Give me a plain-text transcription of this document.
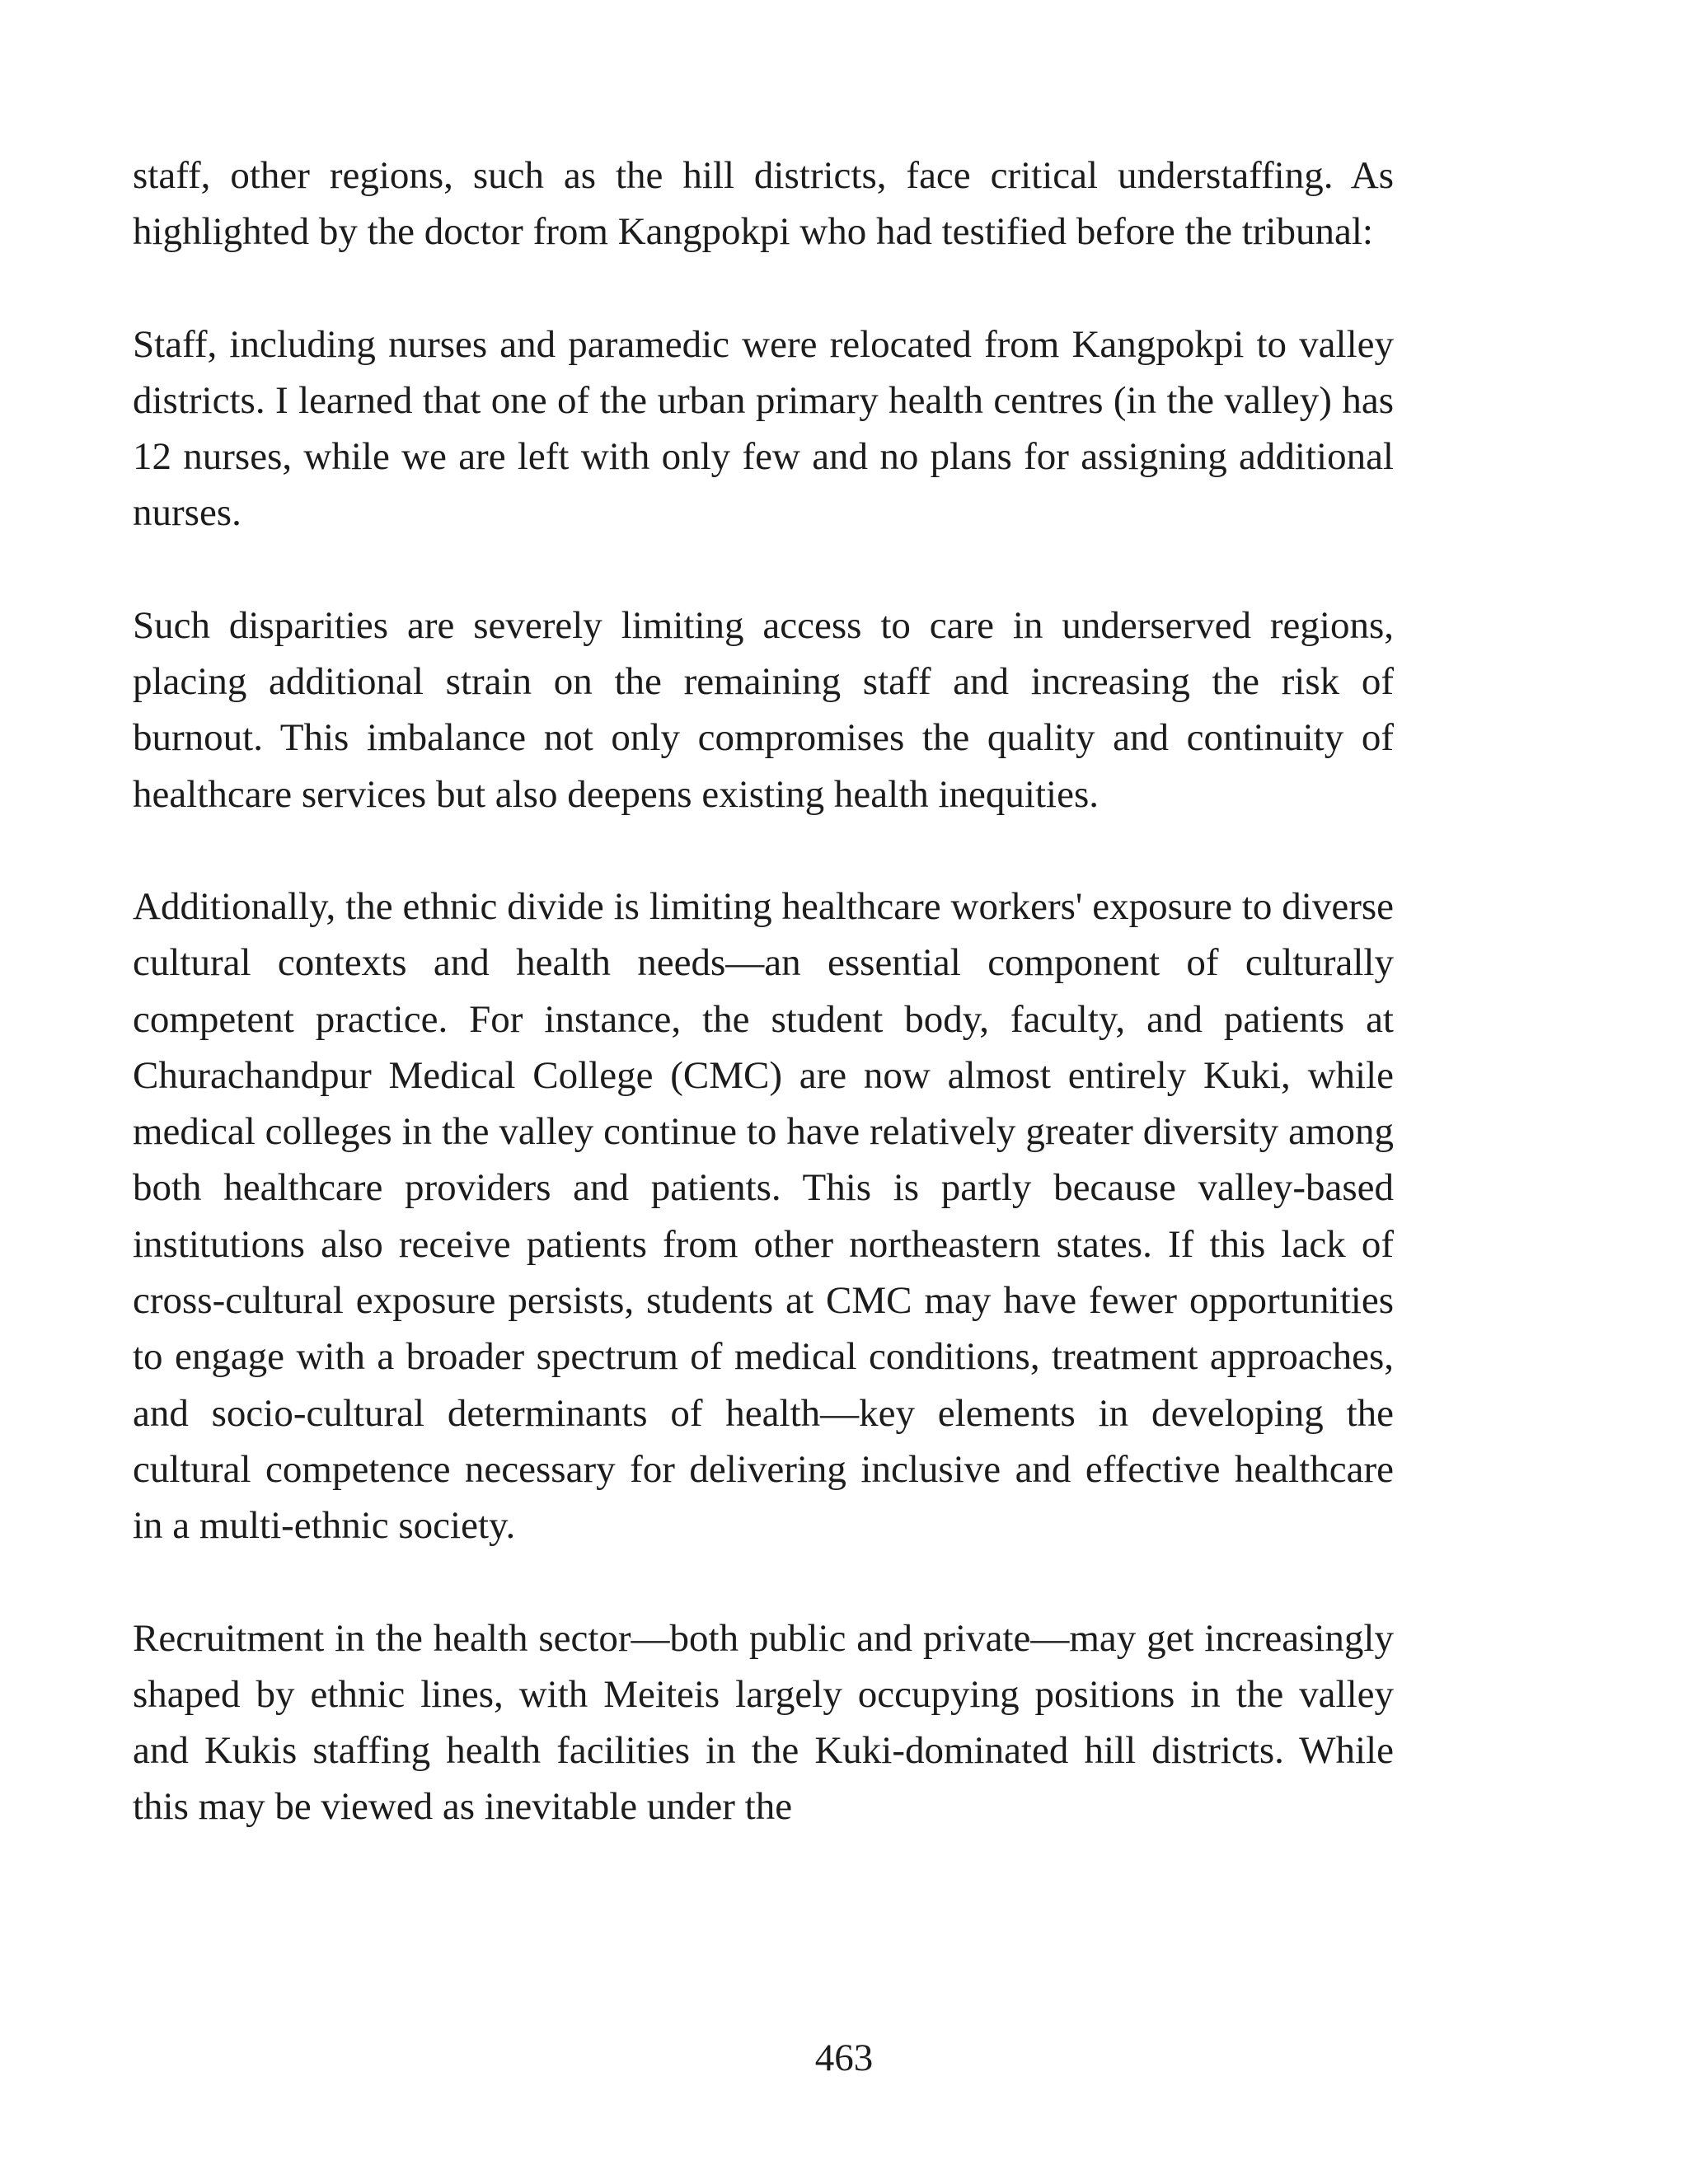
staff, other regions, such as the hill districts, face critical understaffing. As highlighted by the doctor from Kangpokpi who had testified before the tribunal:

Staff, including nurses and paramedic were relocated from Kangpokpi to valley districts. I learned that one of the urban primary health centres (in the valley) has 12 nurses, while we are left with only few and no plans for assigning additional nurses.

Such disparities are severely limiting access to care in underserved regions, placing additional strain on the remaining staff and increasing the risk of burnout. This imbalance not only compromises the quality and continuity of healthcare services but also deepens existing health inequities.

Additionally, the ethnic divide is limiting healthcare workers' exposure to diverse cultural contexts and health needs—an essential component of culturally competent practice. For instance, the student body, faculty, and patients at Churachandpur Medical College (CMC) are now almost entirely Kuki, while medical colleges in the valley continue to have relatively greater diversity among both healthcare providers and patients. This is partly because valley-based institutions also receive patients from other northeastern states. If this lack of cross-cultural exposure persists, students at CMC may have fewer opportunities to engage with a broader spectrum of medical conditions, treatment approaches, and socio-cultural determinants of health—key elements in developing the cultural competence necessary for delivering inclusive and effective healthcare in a multi-ethnic society.

Recruitment in the health sector—both public and private—may get increasingly shaped by ethnic lines, with Meiteis largely occupying positions in the valley and Kukis staffing health facilities in the Kuki-dominated hill districts. While this may be viewed as inevitable under the

463
